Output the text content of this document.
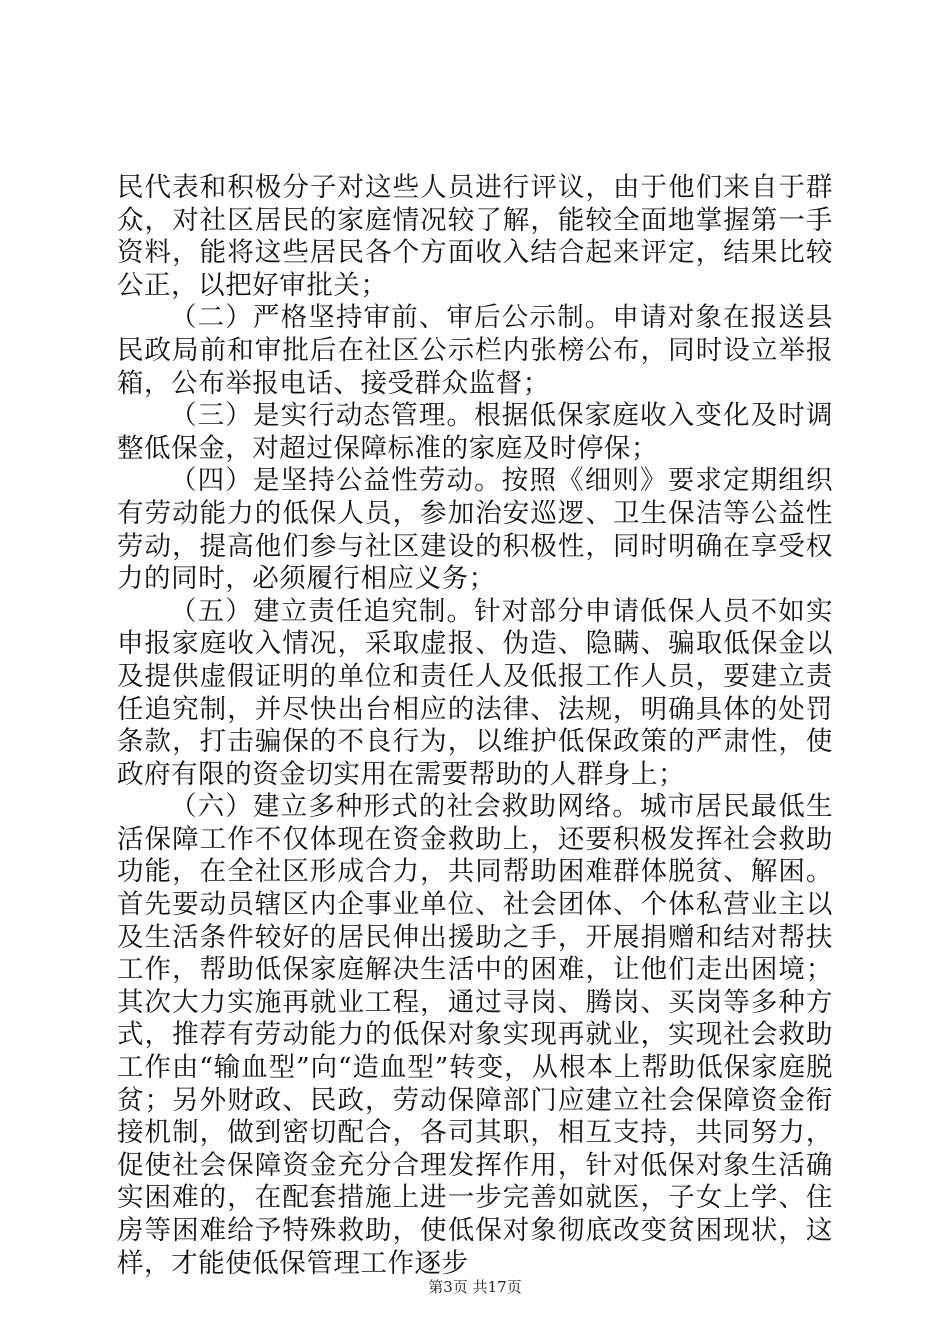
民代表和积极分子对这些人员进行评议，由于他们来自于群众，对社区居民的家庭情况较了解，能较全面地掌握第一手资料，能将这些居民各个方面收入结合起来评定，结果比较公正，以把好审批关；

（二）严格坚持审前、审后公示制。申请对象在报送县民政局前和审批后在社区公示栏内张榜公布，同时设立举报箱，公布举报电话、接受群众监督；

（三）是实行动态管理。根据低保家庭收入变化及时调整低保金，对超过保障标准的家庭及时停保；

（四）是坚持公益性劳动。按照《细则》要求定期组织有劳动能力的低保人员，参加治安巡逻、卫生保洁等公益性劳动，提高他们参与社区建设的积极性，同时明确在享受权力的同时，必须履行相应义务；

（五）建立责任追究制。针对部分申请低保人员不如实申报家庭收入情况，采取虚报、伪造、隐瞒、骗取低保金以及提供虚假证明的单位和责任人及低报工作人员，要建立责任追究制，并尽快出台相应的法律、法规，明确具体的处罚条款，打击骗保的不良行为，以维护低保政策的严肃性，使政府有限的资金切实用在需要帮助的人群身上；

（六）建立多种形式的社会救助网络。城市居民最低生活保障工作不仅体现在资金救助上，还要积极发挥社会救助功能，在全社区形成合力，共同帮助困难群体脱贫、解困。首先要动员辖区内企事业单位、社会团体、个体私营业主以及生活条件较好的居民伸出援助之手，开展捐赠和结对帮扶工作，帮助低保家庭解决生活中的困难，让他们走出困境；其次大力实施再就业工程，通过寻岗、腾岗、买岗等多种方式，推荐有劳动能力的低保对象实现再就业，实现社会救助工作由“输血型”向“造血型”转变，从根本上帮助低保家庭脱贫；另外财政、民政，劳动保障部门应建立社会保障资金衔接机制，做到密切配合，各司其职，相互支持，共同努力，促使社会保障资金充分合理发挥作用，针对低保对象生活确实困难的，在配套措施上进一步完善如就医，子女上学、住房等困难给予特殊救助，使低保对象彻底改变贫困现状，这样，才能使低保管理工作逐步

第3页 共17页
